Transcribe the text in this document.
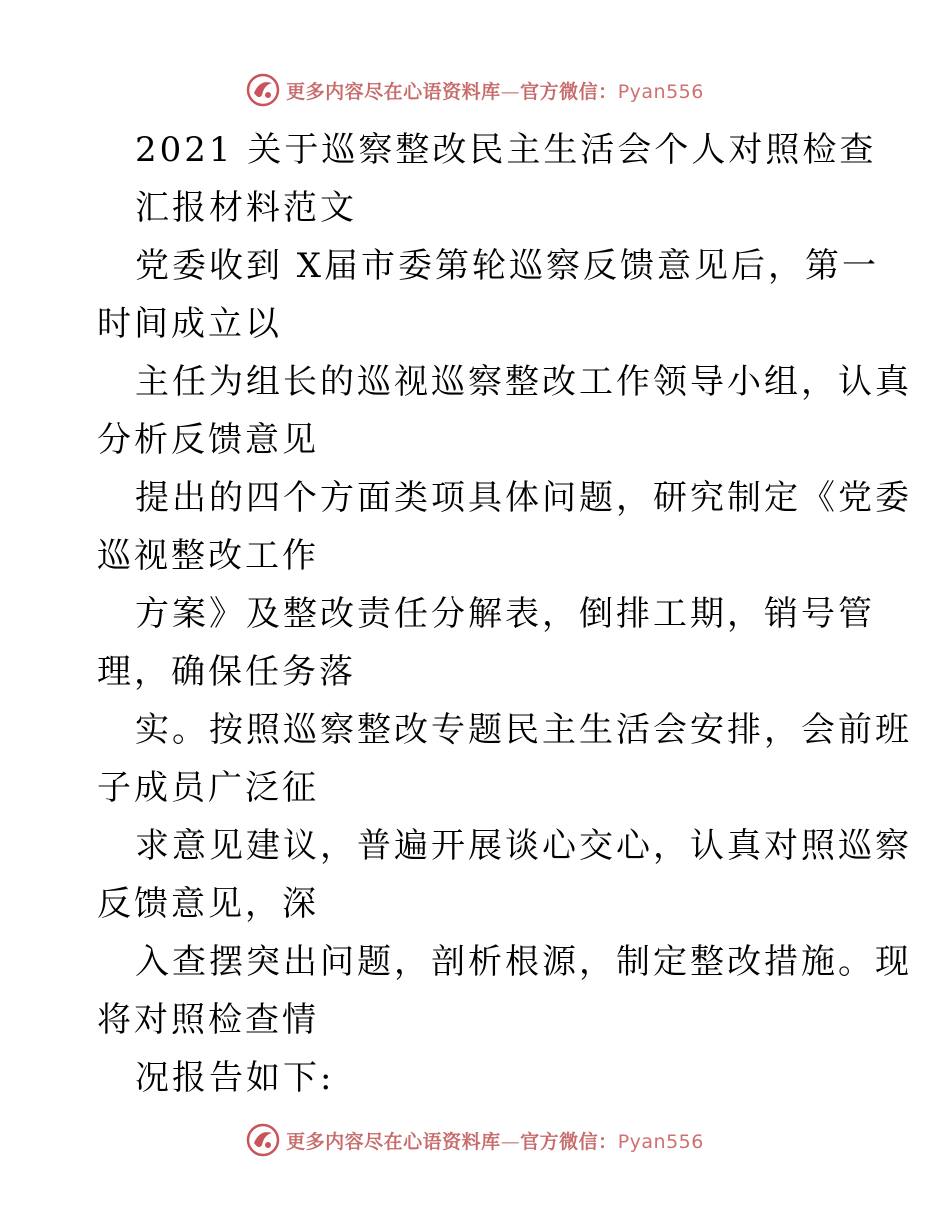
更多内容尽在心语资料库—官方微信：Pyan556
2021 关于巡察整改民主生活会个人对照检查
汇报材料范文
党委收到 X届市委第轮巡察反馈意见后，第一
时间成立以
主任为组长的巡视巡察整改工作领导小组，认真
分析反馈意见
提出的四个方面类项具体问题，研究制定《党委
巡视整改工作
方案》及整改责任分解表，倒排工期，销号管
理，确保任务落
实。按照巡察整改专题民主生活会安排，会前班
子成员广泛征
求意见建议，普遍开展谈心交心，认真对照巡察
反馈意见，深
入查摆突出问题，剖析根源，制定整改措施。现
将对照检查情
况报告如下:
更多内容尽在心语资料库—官方微信：Pyan556
